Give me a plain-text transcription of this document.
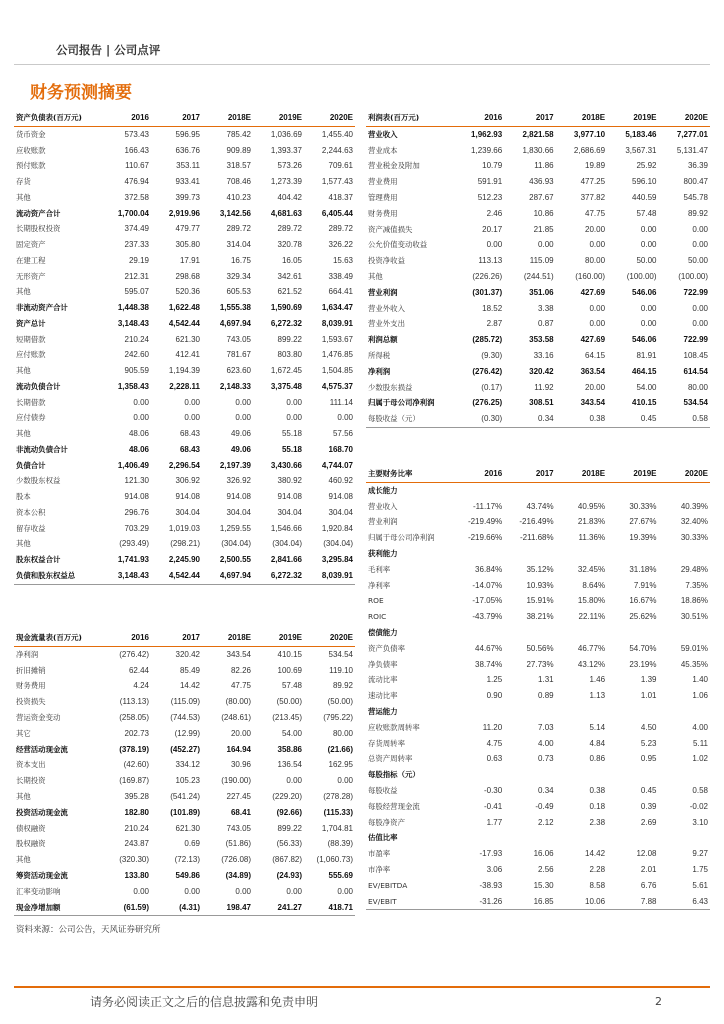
公司报告 | 公司点评
财务预测摘要
资产负债表(百万元)	2016	2017	2018E	2019E	2020E
货币资金	573.43	596.95	785.42	1,036.69	1,455.40
应收账款	166.43	636.76	909.89	1,393.37	2,244.63
预付账款	110.67	353.11	318.57	573.26	709.61
存货	476.94	933.41	708.46	1,273.39	1,577.43
其他	372.58	399.73	410.23	404.42	418.37
流动资产合计	1,700.04	2,919.96	3,142.56	4,681.63	6,405.44
长期股权投资	374.49	479.77	289.72	289.72	289.72
固定资产	237.33	305.80	314.04	320.78	326.22
在建工程	29.19	17.91	16.75	16.05	15.63
无形资产	212.31	298.68	329.34	342.61	338.49
其他	595.07	520.36	605.53	621.52	664.41
非流动资产合计	1,448.38	1,622.48	1,555.38	1,590.69	1,634.47
资产总计	3,148.43	4,542.44	4,697.94	6,272.32	8,039.91
短期借款	210.24	621.30	743.05	899.22	1,593.67
应付账款	242.60	412.41	781.67	803.80	1,476.85
其他	905.59	1,194.39	623.60	1,672.45	1,504.85
流动负债合计	1,358.43	2,228.11	2,148.33	3,375.48	4,575.37
长期借款	0.00	0.00	0.00	0.00	111.14
应付债券	0.00	0.00	0.00	0.00	0.00
其他	48.06	68.43	49.06	55.18	57.56
非流动负债合计	48.06	68.43	49.06	55.18	168.70
负债合计	1,406.49	2,296.54	2,197.39	3,430.66	4,744.07
少数股东权益	121.30	306.92	326.92	380.92	460.92
股本	914.08	914.08	914.08	914.08	914.08
资本公积	296.76	304.04	304.04	304.04	304.04
留存收益	703.29	1,019.03	1,259.55	1,546.66	1,920.84
其他	(293.49)	(298.21)	(304.04)	(304.04)	(304.04)
股东权益合计	1,741.93	2,245.90	2,500.55	2,841.66	3,295.84
负债和股东权益总	3,148.43	4,542.44	4,697.94	6,272.32	8,039.91
利润表(百万元)	2016	2017	2018E	2019E	2020E
营业收入	1,962.93	2,821.58	3,977.10	5,183.46	7,277.01
营业成本	1,239.66	1,830.66	2,686.69	3,567.31	5,131.47
营业税金及附加	10.79	11.86	19.89	25.92	36.39
营业费用	591.91	436.93	477.25	596.10	800.47
管理费用	512.23	287.67	377.82	440.59	545.78
财务费用	2.46	10.86	47.75	57.48	89.92
资产减值损失	20.17	21.85	20.00	0.00	0.00
公允价值变动收益	0.00	0.00	0.00	0.00	0.00
投资净收益	113.13	115.09	80.00	50.00	50.00
其他	(226.26)	(244.51)	(160.00)	(100.00)	(100.00)
营业利润	(301.37)	351.06	427.69	546.06	722.99
营业外收入	18.52	3.38	0.00	0.00	0.00
营业外支出	2.87	0.87	0.00	0.00	0.00
利润总额	(285.72)	353.58	427.69	546.06	722.99
所得税	(9.30)	33.16	64.15	81.91	108.45
净利润	(276.42)	320.42	363.54	464.15	614.54
少数股东损益	(0.17)	11.92	20.00	54.00	80.00
归属于母公司净利润	(276.25)	308.51	343.54	410.15	534.54
每股收益（元）	(0.30)	0.34	0.38	0.45	0.58
主要财务比率	2016	2017	2018E	2019E	2020E
成长能力					
营业收入	-11.17%	43.74%	40.95%	30.33%	40.39%
营业利润	-219.49%	-216.49%	21.83%	27.67%	32.40%
归属于母公司净利润	-219.66%	-211.68%	11.36%	19.39%	30.33%
获利能力					
毛利率	36.84%	35.12%	32.45%	31.18%	29.48%
净利率	-14.07%	10.93%	8.64%	7.91%	7.35%
ROE	-17.05%	15.91%	15.80%	16.67%	18.86%
ROIC	-43.79%	38.21%	22.11%	25.62%	30.51%
偿债能力					
资产负债率	44.67%	50.56%	46.77%	54.70%	59.01%
净负债率	38.74%	27.73%	43.12%	23.19%	45.35%
流动比率	1.25	1.31	1.46	1.39	1.40
速动比率	0.90	0.89	1.13	1.01	1.06
营运能力					
应收账款周转率	11.20	7.03	5.14	4.50	4.00
存货周转率	4.75	4.00	4.84	5.23	5.11
总资产周转率	0.63	0.73	0.86	0.95	1.02
每股指标（元）					
每股收益	-0.30	0.34	0.38	0.45	0.58
每股经营现金流	-0.41	-0.49	0.18	0.39	-0.02
每股净资产	1.77	2.12	2.38	2.69	3.10
估值比率					
市盈率	-17.93	16.06	14.42	12.08	9.27
市净率	3.06	2.56	2.28	2.01	1.75
EV/EBITDA	-38.93	15.30	8.58	6.76	5.61
EV/EBIT	-31.26	16.85	10.06	7.88	6.43
现金流量表(百万元)	2016	2017	2018E	2019E	2020E
净利润	(276.42)	320.42	343.54	410.15	534.54
折旧摊销	62.44	85.49	82.26	100.69	119.10
财务费用	4.24	14.42	47.75	57.48	89.92
投资损失	(113.13)	(115.09)	(80.00)	(50.00)	(50.00)
营运资金变动	(258.05)	(744.53)	(248.61)	(213.45)	(795.22)
其它	202.73	(12.99)	20.00	54.00	80.00
经营活动现金流	(378.19)	(452.27)	164.94	358.86	(21.66)
资本支出	(42.60)	334.12	30.96	136.54	162.95
长期投资	(169.87)	105.23	(190.00)	0.00	0.00
其他	395.28	(541.24)	227.45	(229.20)	(278.28)
投资活动现金流	182.80	(101.89)	68.41	(92.66)	(115.33)
债权融资	210.24	621.30	743.05	899.22	1,704.81
股权融资	243.87	0.69	(51.86)	(56.33)	(88.39)
其他	(320.30)	(72.13)	(726.08)	(867.82)	(1,060.73)
筹资活动现金流	133.80	549.86	(34.89)	(24.93)	555.69
汇率变动影响	0.00	0.00	0.00	0.00	0.00
现金净增加额	(61.59)	(4.31)	198.47	241.27	418.71
资料来源：公司公告，天风证券研究所
请务必阅读正文之后的信息披露和免责申明	2
